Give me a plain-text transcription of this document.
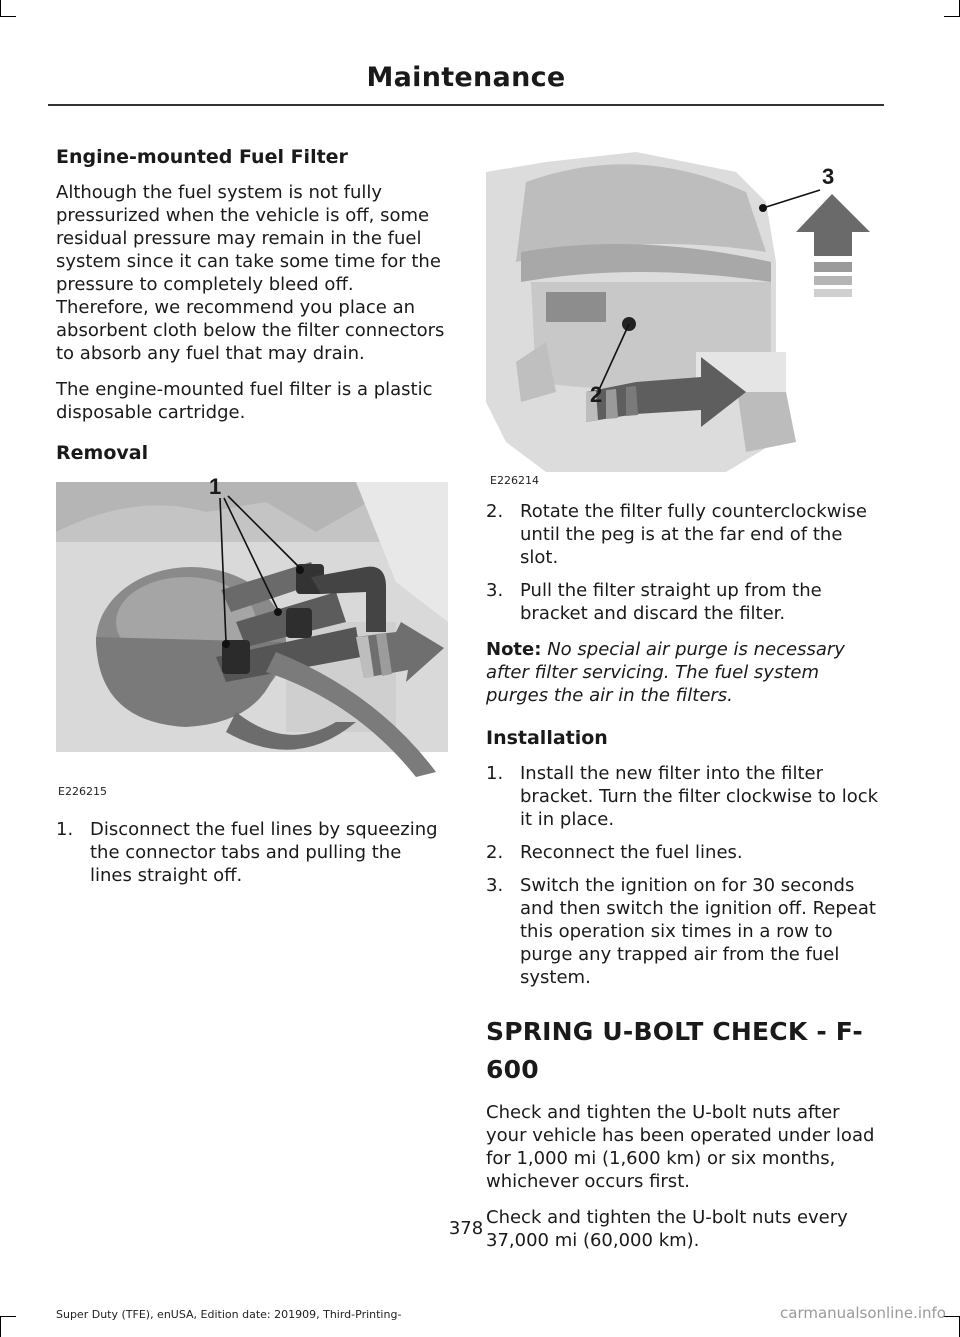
Maintenance
Engine-mounted Fuel Filter

Although the fuel system is not fully pressurized when the vehicle is off, some residual pressure may remain in the fuel system since it can take some time for the pressure to completely bleed off. Therefore, we recommend you place an absorbent cloth below the filter connectors to absorb any fuel that may drain.

The engine-mounted fuel filter is a plastic disposable cartridge.

Removal
1
E226215
1. Disconnect the fuel lines by squeezing the connector tabs and pulling the lines straight off.
3
2
E226214
2. Rotate the filter fully counterclockwise until the peg is at the far end of the slot.
3. Pull the filter straight up from the bracket and discard the filter.

Note: No special air purge is necessary after filter servicing. The fuel system purges the air in the filters.

Installation
1. Install the new filter into the filter bracket. Turn the filter clockwise to lock it in place.
2. Reconnect the fuel lines.
3. Switch the ignition on for 30 seconds and then switch the ignition off. Repeat this operation six times in a row to purge any trapped air from the fuel system.
SPRING U-BOLT CHECK - F-600

Check and tighten the U-bolt nuts after your vehicle has been operated under load for 1,000 mi (1,600 km) or six months, whichever occurs first.

Check and tighten the U-bolt nuts every 37,000 mi (60,000 km).

378
Super Duty (TFE), enUSA, Edition date: 201909, Third-Printing-	carmanualsonline.info
